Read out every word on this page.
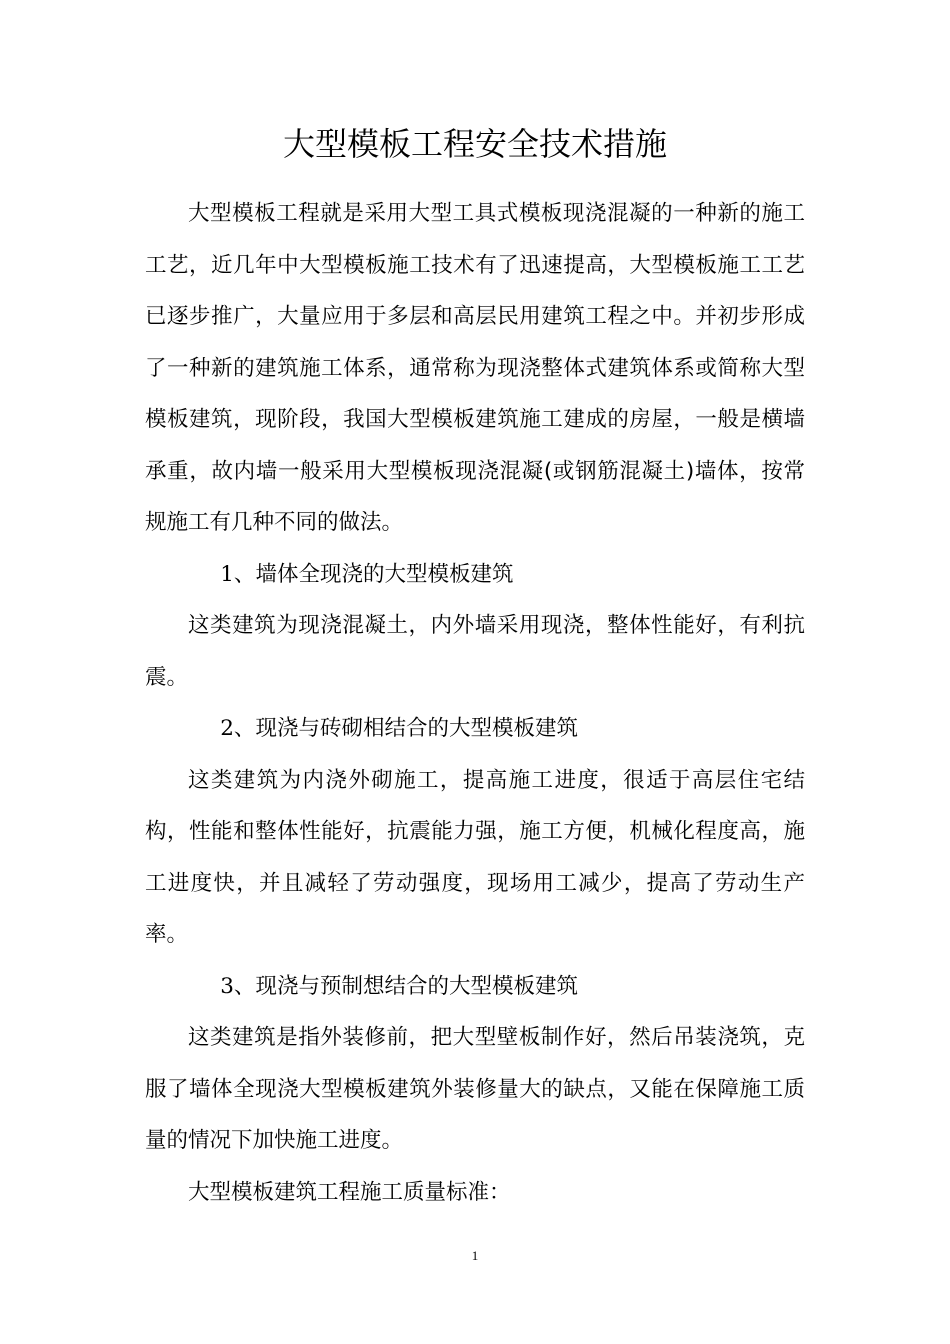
大型模板工程安全技术措施

大型模板工程就是采用大型工具式模板现浇混凝的一种新的施工工艺，近几年中大型模板施工技术有了迅速提高，大型模板施工工艺已逐步推广，大量应用于多层和高层民用建筑工程之中。并初步形成了一种新的建筑施工体系，通常称为现浇整体式建筑体系或简称大型模板建筑，现阶段，我国大型模板建筑施工建成的房屋，一般是横墙承重，故内墙一般采用大型模板现浇混凝(或钢筋混凝土)墙体，按常规施工有几种不同的做法。

1、墙体全现浇的大型模板建筑

这类建筑为现浇混凝土，内外墙采用现浇，整体性能好，有利抗震。

2、现浇与砖砌相结合的大型模板建筑

这类建筑为内浇外砌施工，提高施工进度，很适于高层住宅结构，性能和整体性能好，抗震能力强，施工方便，机械化程度高，施工进度快，并且减轻了劳动强度，现场用工减少，提高了劳动生产率。

3、现浇与预制想结合的大型模板建筑

这类建筑是指外装修前，把大型壁板制作好，然后吊装浇筑，克服了墙体全现浇大型模板建筑外装修量大的缺点，又能在保障施工质量的情况下加快施工进度。

大型模板建筑工程施工质量标准：

1
